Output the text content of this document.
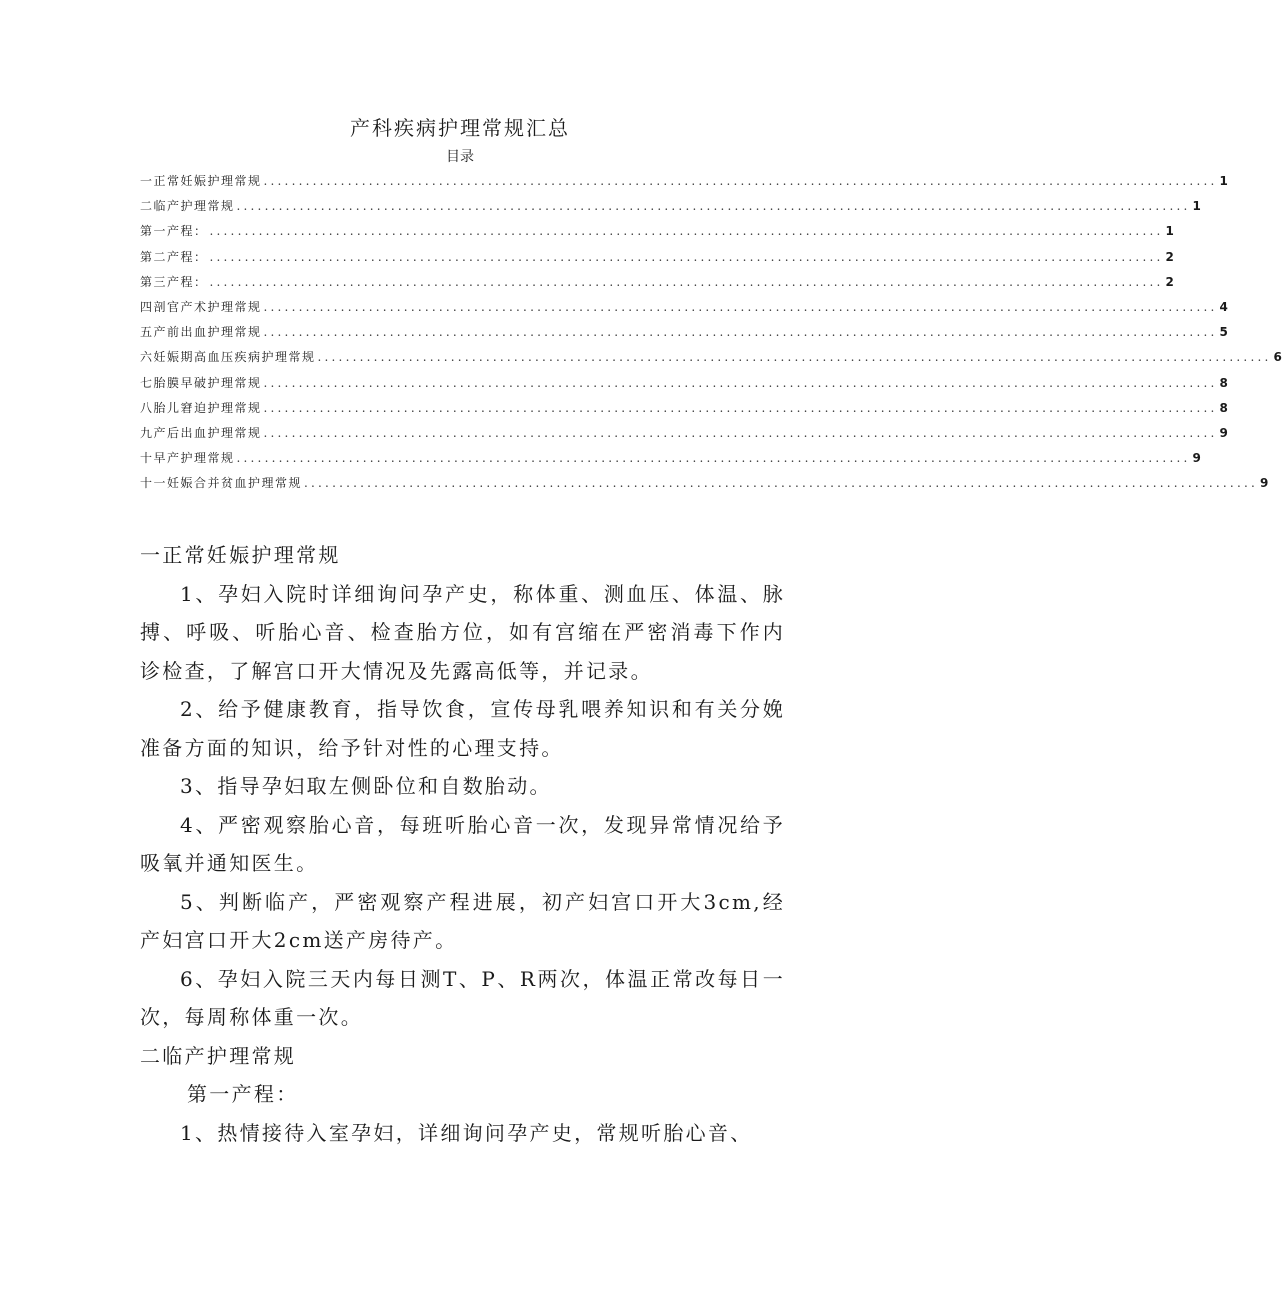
产科疾病护理常规汇总
目录
一正常妊娠护理常规 ........................................................................................................................................ 1
二临产护理常规 ........................................................................................................................................ 1
第一产程： ........................................................................................................................................ 1
第二产程： ........................................................................................................................................ 2
第三产程： ........................................................................................................................................ 2
四剖官产术护理常规 ........................................................................................................................................ 4
五产前出血护理常规 ........................................................................................................................................ 5
六妊娠期高血压疾病护理常规 ........................................................................................................................................ 6
七胎膜早破护理常规 ........................................................................................................................................ 8
八胎儿窘迫护理常规 ........................................................................................................................................ 8
九产后出血护理常规 ........................................................................................................................................ 9
十早产护理常规 ........................................................................................................................................ 9
十一妊娠合并贫血护理常规 ........................................................................................................................................ 9
一正常妊娠护理常规

1、孕妇入院时详细询问孕产史，称体重、测血压、体温、脉搏、呼吸、听胎心音、检查胎方位，如有宫缩在严密消毒下作内诊检查，了解宫口开大情况及先露高低等，并记录。

2、给予健康教育，指导饮食，宣传母乳喂养知识和有关分娩准备方面的知识，给予针对性的心理支持。

3、指导孕妇取左侧卧位和自数胎动。

4、严密观察胎心音，每班听胎心音一次，发现异常情况给予吸氧并通知医生。

5、判断临产，严密观察产程进展，初产妇宫口开大3cm,经产妇宫口开大2cm送产房待产。

6、孕妇入院三天内每日测T、P、R两次，体温正常改每日一次，每周称体重一次。

二临产护理常规
第一产程：

1、热情接待入室孕妇，详细询问孕产史，常规听胎心音、
